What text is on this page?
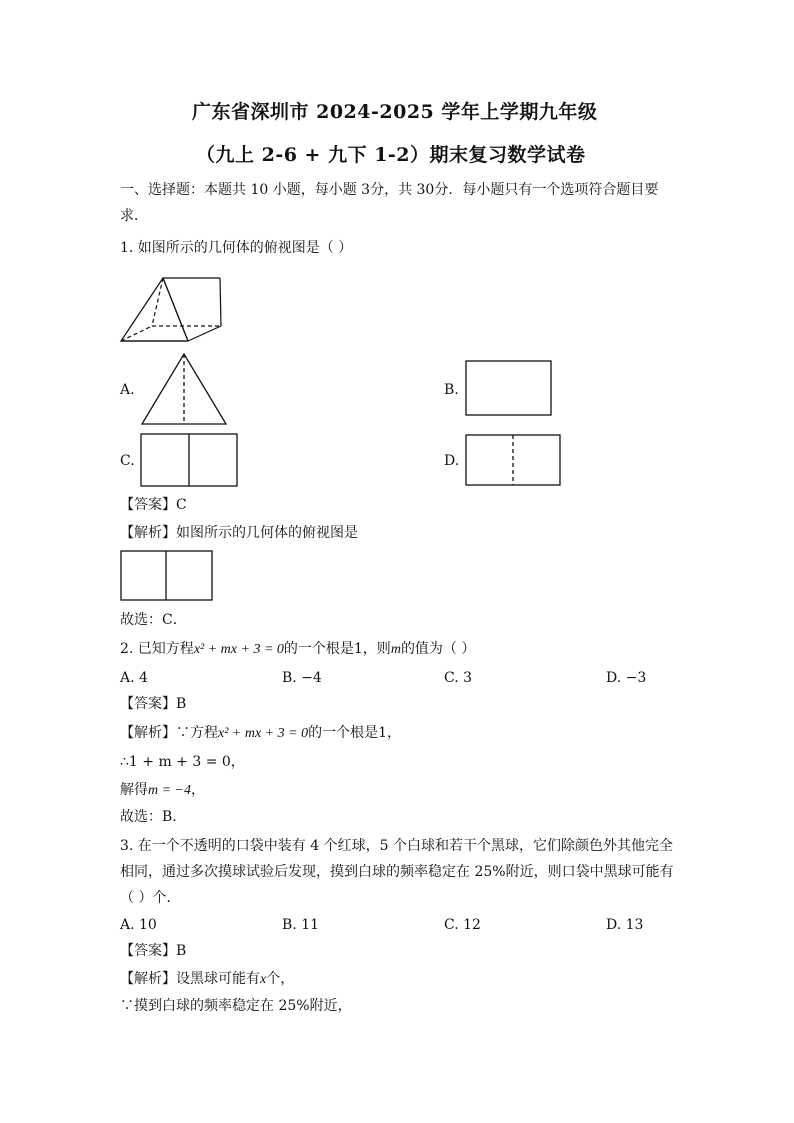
广东省深圳市 2024-2025 学年上学期九年级
（九上 2-6 + 九下 1-2）期末复习数学试卷
一、选择题：本题共 10 小题，每小题 3分，共 30分．每小题只有一个选项符合题目要
求．
1. 如图所示的几何体的俯视图是（ ）
A.	B.
C.	D.
【答案】C
【解析】如图所示的几何体的俯视图是
故选：C．
2. 已知方程x² + mx + 3 = 0的一个根是1，则m的值为（ ）
A. 4	B. −4	C. 3	D. −3
【答案】B
【解析】∵方程x² + mx + 3 = 0的一个根是1，
∴1 + m + 3 = 0，
解得m = −4，
故选：B．
3. 在一个不透明的口袋中装有 4 个红球，5 个白球和若干个黑球，它们除颜色外其他完全
相同，通过多次摸球试验后发现，摸到白球的频率稳定在 25%附近，则口袋中黑球可能有
（ ）个．
A. 10	B. 11	C. 12	D. 13
【答案】B
【解析】设黑球可能有x个，
∵摸到白球的频率稳定在 25%附近，
